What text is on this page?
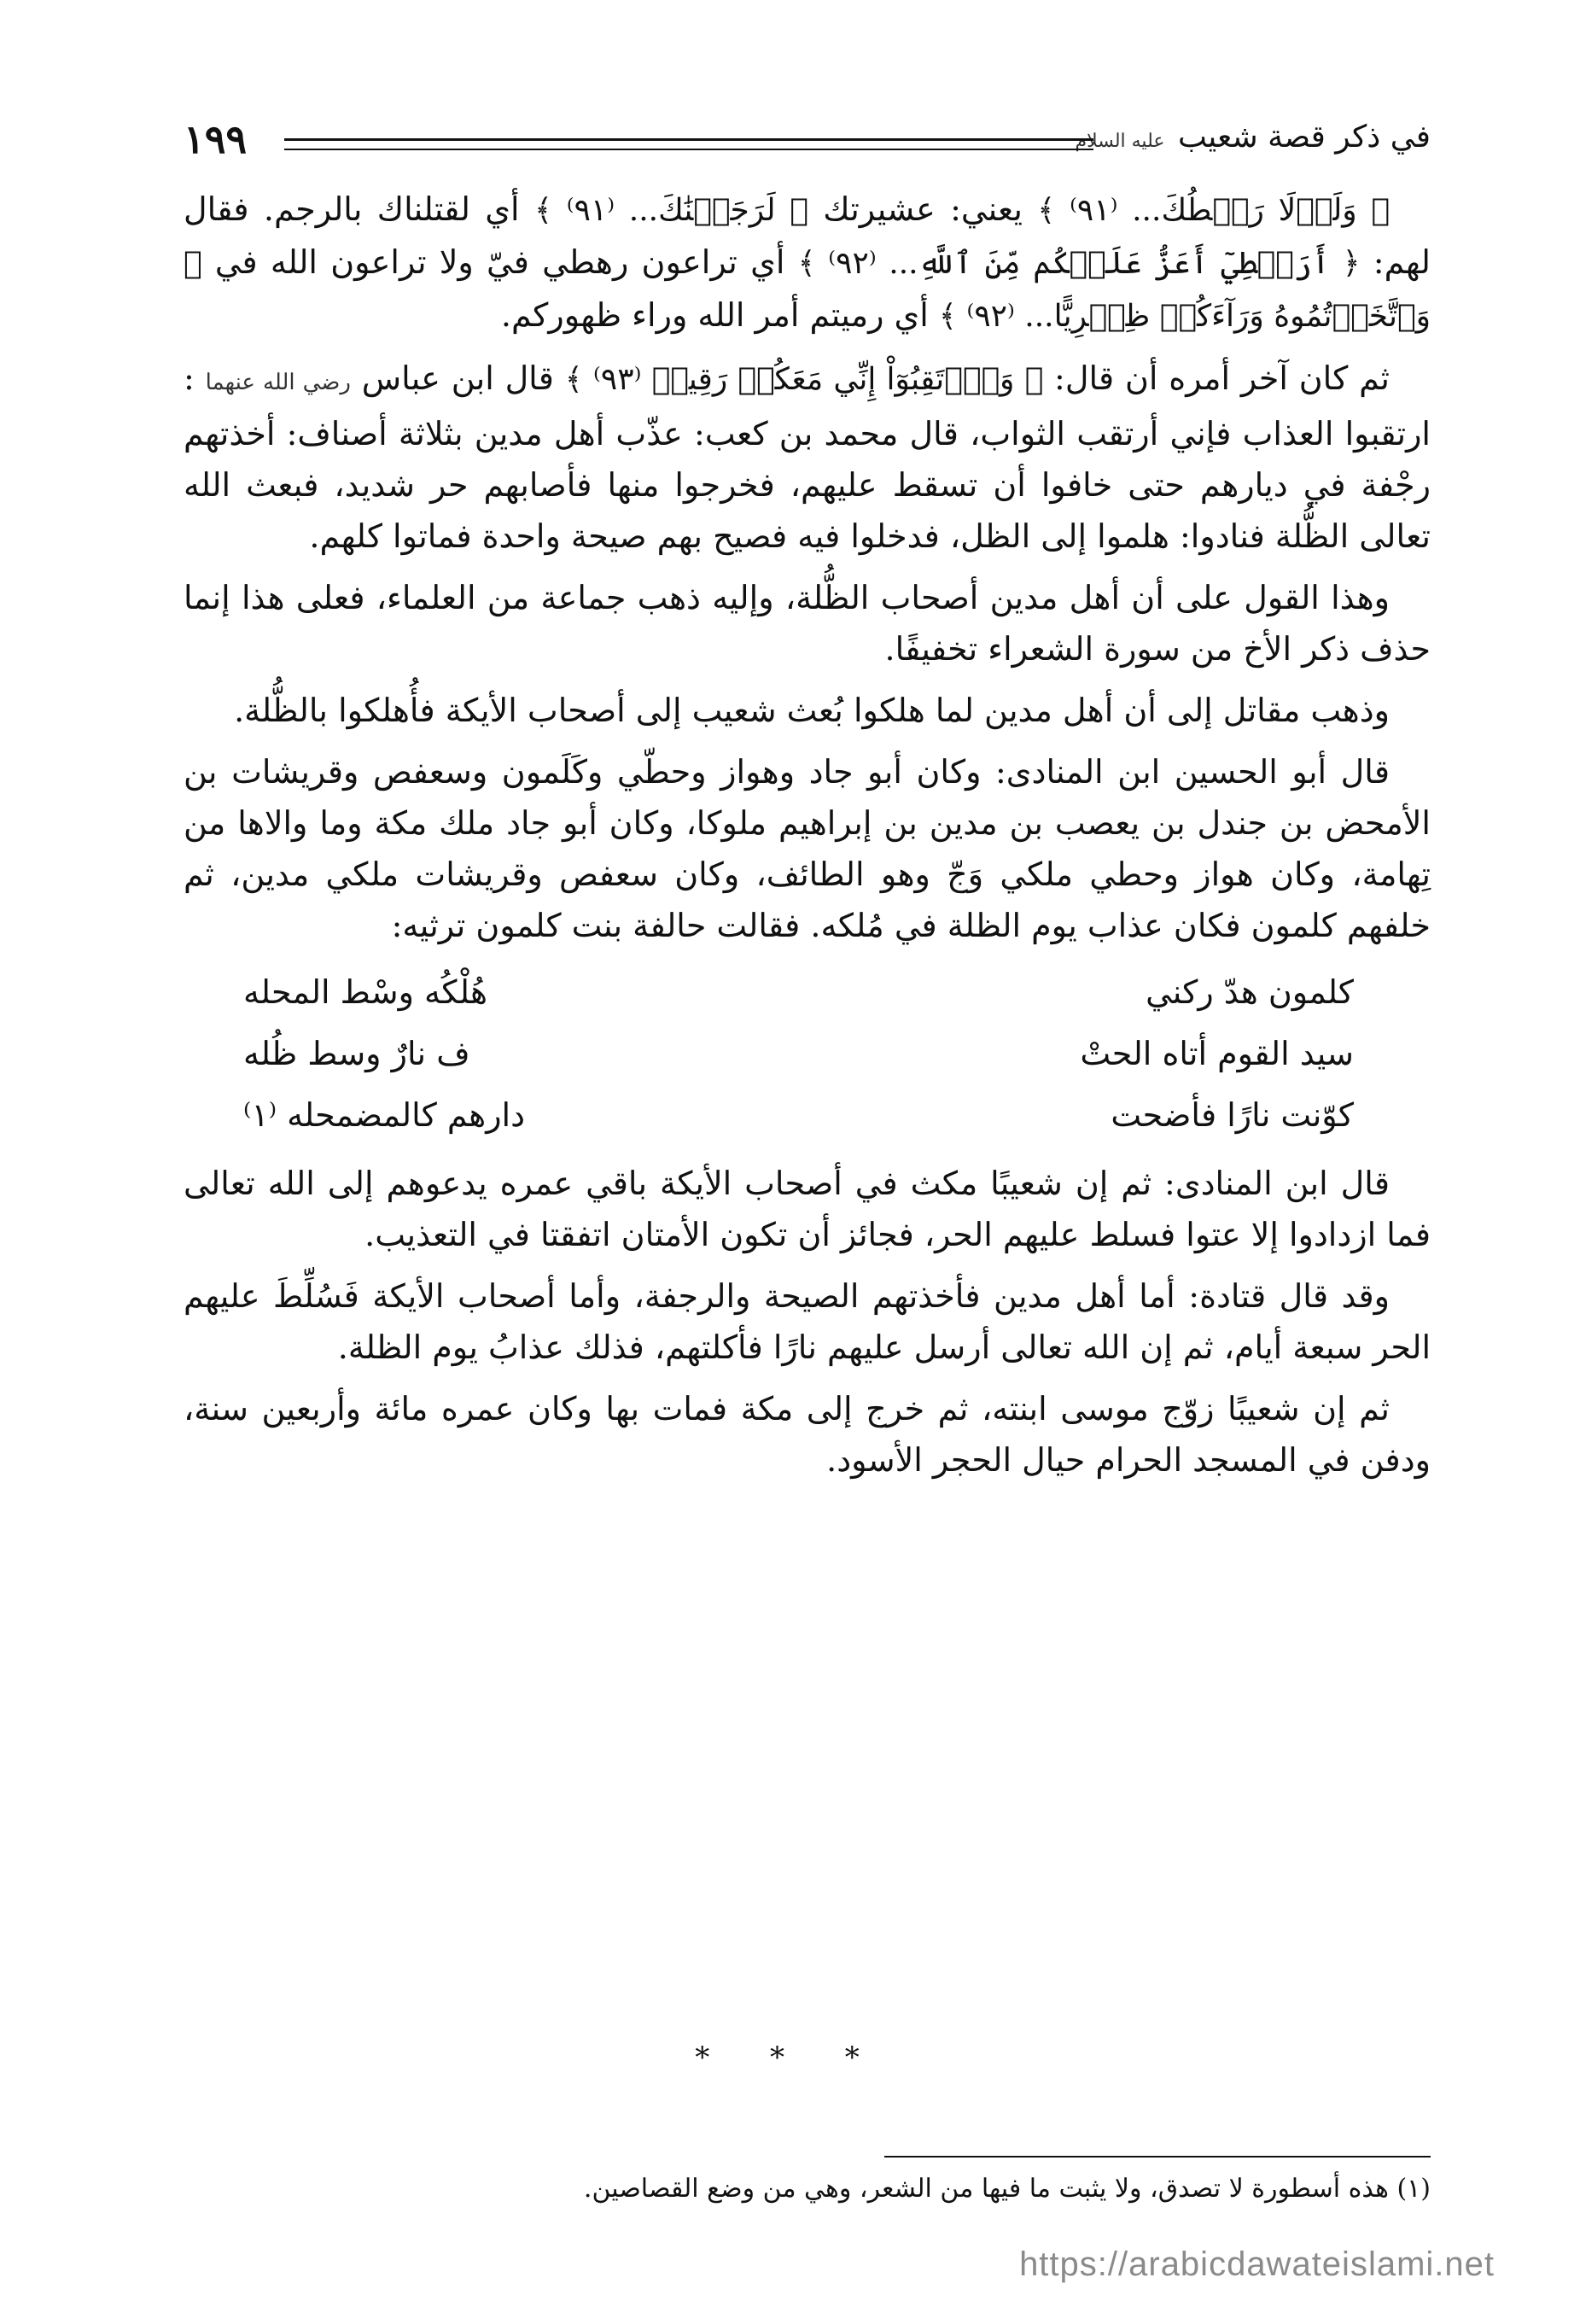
في ذكر قصة شعيب عليه السلام
١٩٩

﴿ وَلَوۡلَا رَهۡطُكَ... ⁽٩١⁾ ﴾ يعني: عشيرتك ﴿ لَرَجَمۡنَٰكَ... ⁽٩١⁾ ﴾ أي لقتلناك بالرجم. فقال لهم: ﴿ أَرَهۡطِيٓ أَعَزُّ عَلَيۡكُم مِّنَ ٱللَّهِ... ⁽٩٢⁾ ﴾ أي تراعون رهطي فيّ ولا تراعون الله في ﴿ وَٱتَّخَذۡتُمُوهُ وَرَآءَكُمۡ ظِهۡرِيًّا... ⁽٩٢⁾ ﴾ أي رميتم أمر الله وراء ظهوركم.

ثم كان آخر أمره أن قال: ﴿ وَٱرۡتَقِبُوٓاْ إِنِّي مَعَكُمۡ رَقِيبٞ ⁽٩٣⁾ ﴾ قال ابن عباس رضي الله عنهما : ارتقبوا العذاب فإني أرتقب الثواب، قال محمد بن كعب: عذّب أهل مدين بثلاثة أصناف: أخذتهم رجْفة في ديارهم حتى خافوا أن تسقط عليهم، فخرجوا منها فأصابهم حر شديد، فبعث الله تعالى الظُّلة فنادوا: هلموا إلى الظل، فدخلوا فيه فصيح بهم صيحة واحدة فماتوا كلهم.

وهذا القول على أن أهل مدين أصحاب الظُّلة، وإليه ذهب جماعة من العلماء، فعلى هذا إنما حذف ذكر الأخ من سورة الشعراء تخفيفًا.

وذهب مقاتل إلى أن أهل مدين لما هلكوا بُعث شعيب إلى أصحاب الأيكة فأُهلكوا بالظُّلة.

قال أبو الحسين ابن المنادى: وكان أبو جاد وهواز وحطّي وكَلَمون وسعفص وقريشات بن الأمحض بن جندل بن يعصب بن مدين بن إبراهيم ملوكا، وكان أبو جاد ملك مكة وما والاها من تِهامة، وكان هواز وحطي ملكي وَجّ وهو الطائف، وكان سعفص وقريشات ملكي مدين، ثم خلفهم كلمون فكان عذاب يوم الظلة في مُلكه. فقالت حالفة بنت كلمون ترثيه:

كلمون هدّ ركني
هُلْكُه وسْط المحله
سيد القوم أتاه الحتْ
ف نارٌ وسط ظُله
كوّنت نارًا فأضحت
دارهم كالمضمحله ⁽١⁾

قال ابن المنادى: ثم إن شعيبًا مكث في أصحاب الأيكة باقي عمره يدعوهم إلى الله تعالى فما ازدادوا إلا عتوا فسلط عليهم الحر، فجائز أن تكون الأمتان اتفقتا في التعذيب.

وقد قال قتادة: أما أهل مدين فأخذتهم الصيحة والرجفة، وأما أصحاب الأيكة فَسُلِّطَ عليهم الحر سبعة أيام، ثم إن الله تعالى أرسل عليهم نارًا فأكلتهم، فذلك عذابُ يوم الظلة.

ثم إن شعيبًا زوّج موسى ابنته، ثم خرج إلى مكة فمات بها وكان عمره مائة وأربعين سنة، ودفن في المسجد الحرام حيال الحجر الأسود.

* * *
(١) هذه أسطورة لا تصدق، ولا يثبت ما فيها من الشعر، وهي من وضع القصاصين.
https://arabicdawateislami.net
